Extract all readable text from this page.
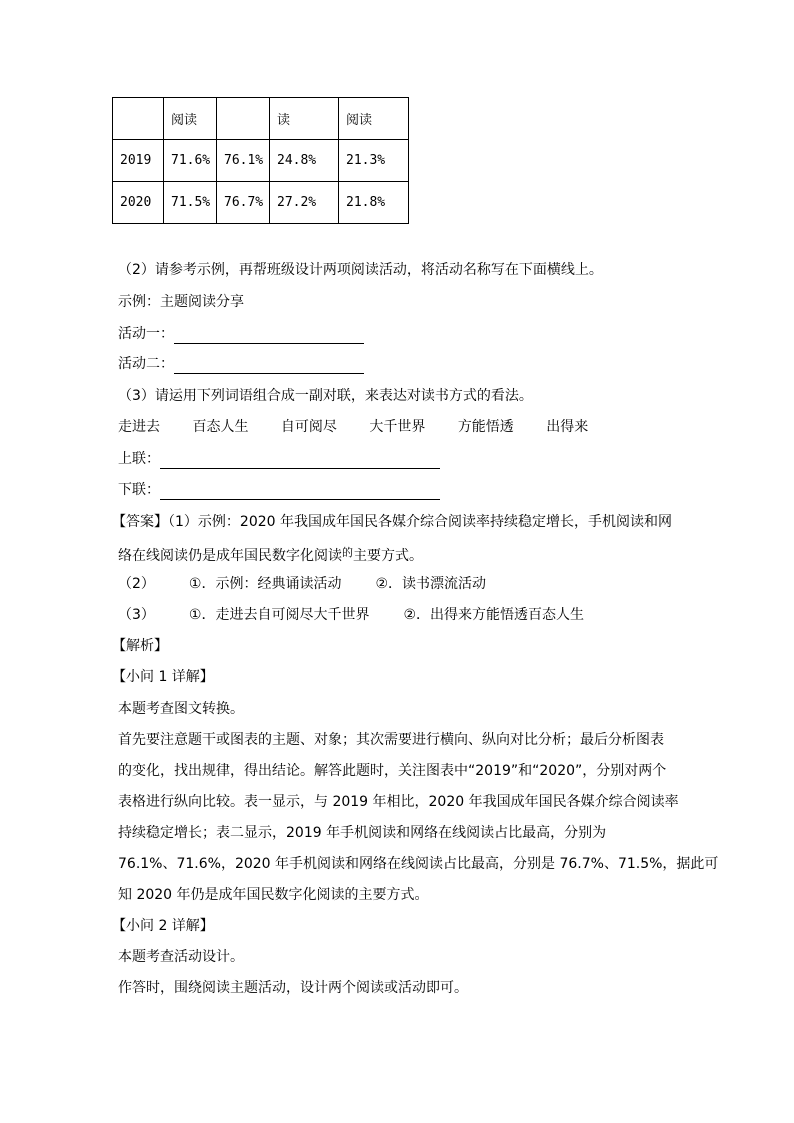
	阅读		读	阅读
2019	71.6%	76.1%	24.8%	21.3%
2020	71.5%	76.7%	27.2%	21.8%
（2）请参考示例，再帮班级设计两项阅读活动，将活动名称写在下面横线上。
示例：主题阅读分享
活动一：
活动二：
（3）请运用下列词语组合成一副对联，来表达对读书方式的看法。
走进去 百态人生 自可阅尽 大千世界 方能悟透 出得来
上联：
下联：
【答案】（1）示例：2020 年我国成年国民各媒介综合阅读率持续稳定增长，手机阅读和网
络在线阅读仍是成年国民数字化阅读$^的$主要方式。
（2） ①．示例：经典诵读活动 ②．读书漂流活动
（3） ①．走进去自可阅尽大千世界 ②．出得来方能悟透百态人生
【解析】
【小问 1 详解】
本题考查图文转换。
首先要注意题干或图表的主题、对象；其次需要进行横向、纵向对比分析；最后分析图表
的变化，找出规律，得出结论。解答此题时，关注图表中“2019”和“2020”，分别对两个
表格进行纵向比较。表一显示，与 2019 年相比，2020 年我国成年国民各媒介综合阅读率
持续稳定增长；表二显示，2019 年手机阅读和网络在线阅读占比最高，分别为
76.1%、71.6%，2020 年手机阅读和网络在线阅读占比最高，分别是 76.7%、71.5%，据此可
知 2020 年仍是成年国民数字化阅读的主要方式。
【小问 2 详解】
本题考查活动设计。
作答时，围绕阅读主题活动，设计两个阅读或活动即可。
